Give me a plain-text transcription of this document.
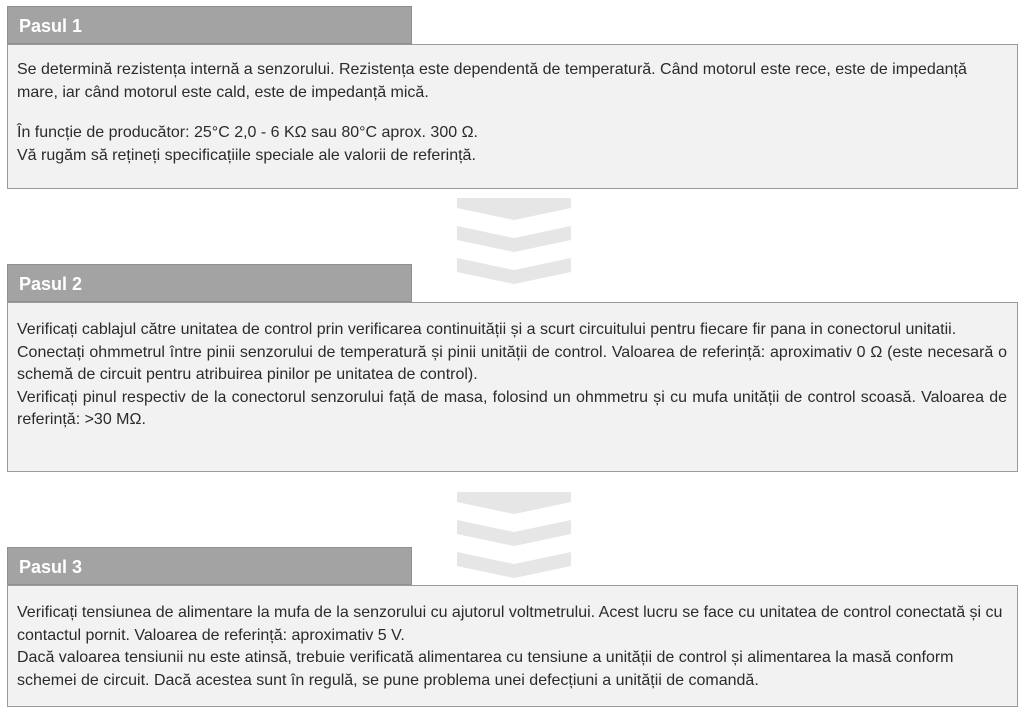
Pasul 1

Se determină rezistența internă a senzorului. Rezistența este dependentă de temperatură. Când motorul este rece, este de impedanță mare, iar când motorul este cald, este de impedanță mică.

În funcție de producător: 25°C 2,0 - 6 KΩ sau 80°C aprox. 300 Ω.

Vă rugăm să rețineți specificațiile speciale ale valorii de referință.

Pasul 2

Verificați cablajul către unitatea de control prin verificarea continuității și a scurt circuitului pentru fiecare fir pana in conectorul unitatii.

Conectați ohmmetrul între pinii senzorului de temperatură și pinii unității de control. Valoarea de referință: aproximativ 0 Ω (este necesară o schemă de circuit pentru atribuirea pinilor pe unitatea de control).

Verificați pinul respectiv de la conectorul senzorului față de masa, folosind un ohmmetru și cu mufa unității de control scoasă. Valoarea de referință: >30 MΩ.

Pasul 3

Verificați tensiunea de alimentare la mufa de la senzorului cu ajutorul voltmetrului. Acest lucru se face cu unitatea de control conectată și cu contactul pornit. Valoarea de referință: aproximativ 5 V.

Dacă valoarea tensiunii nu este atinsă, trebuie verificată alimentarea cu tensiune a unității de control și alimentarea la masă conform schemei de circuit. Dacă acestea sunt în regulă, se pune problema unei defecțiuni a unității de comandă.
